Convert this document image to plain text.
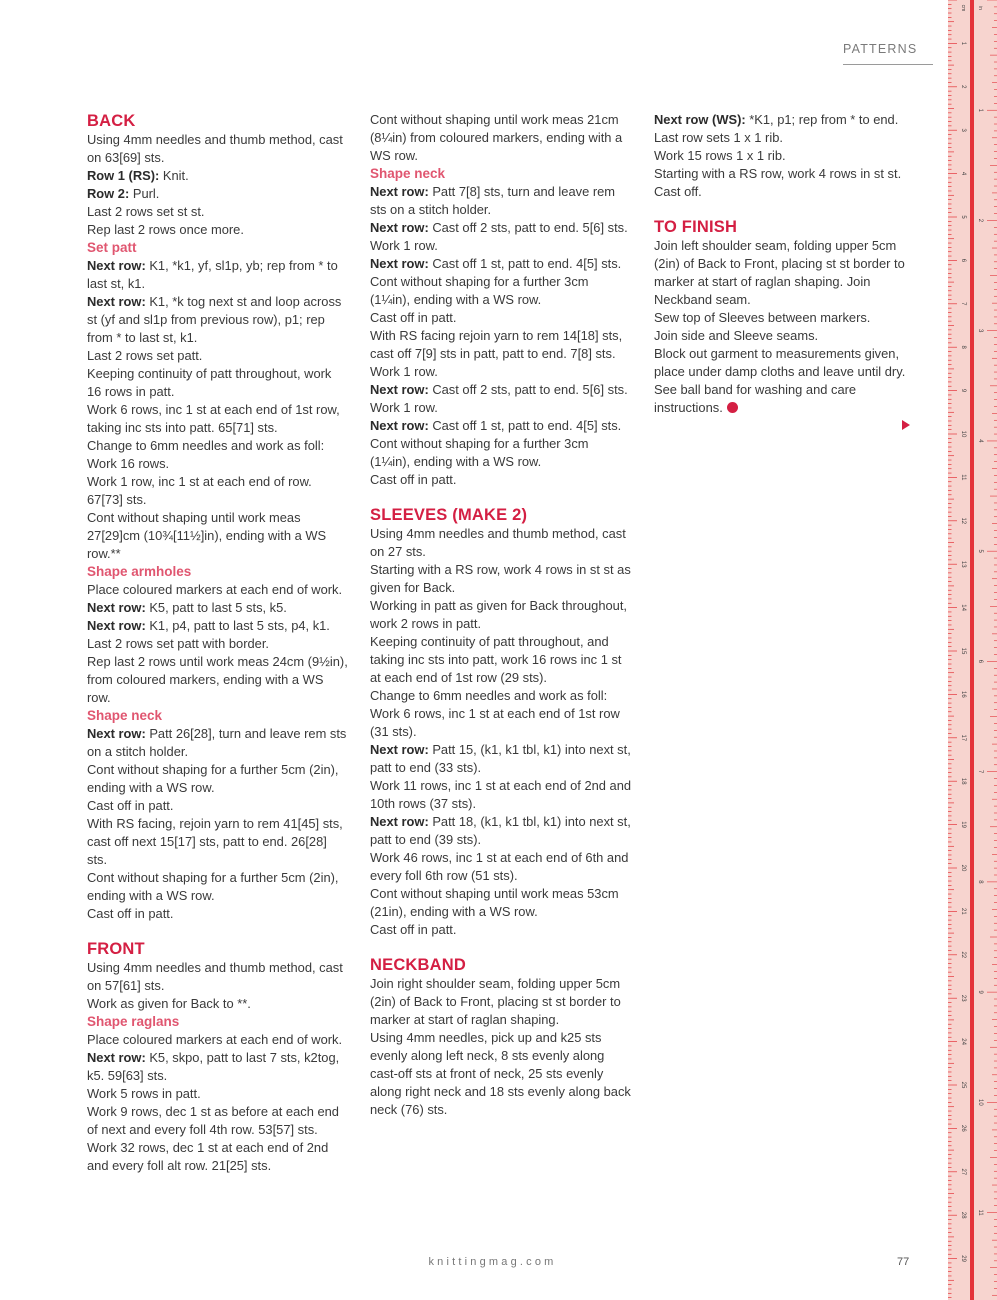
PATTERNS
BACK

Using 4mm needles and thumb method, cast on 63[69] sts.

Row 1 (RS): Knit.

Row 2: Purl.

Last 2 rows set st st.

Rep last 2 rows once more.

Set patt

Next row: K1, *k1, yf, sl1p, yb; rep from * to last st, k1.

Next row: K1, *k tog next st and loop across st (yf and sl1p from previous row), p1; rep from * to last st, k1.

Last 2 rows set patt.

Keeping continuity of patt throughout, work 16 rows in patt.

Work 6 rows, inc 1 st at each end of 1st row, taking inc sts into patt. 65[71] sts.

Change to 6mm needles and work as foll:

Work 16 rows.

Work 1 row, inc 1 st at each end of row. 67[73] sts.

Cont without shaping until work meas 27[29]cm (10¾[11½]in), ending with a WS row.**

Shape armholes

Place coloured markers at each end of work.

Next row: K5, patt to last 5 sts, k5.

Next row: K1, p4, patt to last 5 sts, p4, k1.

Last 2 rows set patt with border.

Rep last 2 rows until work meas 24cm (9½in), from coloured markers, ending with a WS row.

Shape neck

Next row: Patt 26[28], turn and leave rem sts on a stitch holder.

Cont without shaping for a further 5cm (2in), ending with a WS row.

Cast off in patt.

With RS facing, rejoin yarn to rem 41[45] sts, cast off next 15[17] sts, patt to end. 26[28] sts.

Cont without shaping for a further 5cm (2in), ending with a WS row.

Cast off in patt.

FRONT

Using 4mm needles and thumb method, cast on 57[61] sts.

Work as given for Back to **.

Shape raglans

Place coloured markers at each end of work.

Next row: K5, skpo, patt to last 7 sts, k2tog, k5. 59[63] sts.

Work 5 rows in patt.

Work 9 rows, dec 1 st as before at each end of next and every foll 4th row. 53[57] sts.

Work 32 rows, dec 1 st at each end of 2nd and every foll alt row. 21[25] sts.

Cont without shaping until work meas 21cm (8¼in) from coloured markers, ending with a WS row.

Shape neck

Next row: Patt 7[8] sts, turn and leave rem sts on a stitch holder.

Next row: Cast off 2 sts, patt to end. 5[6] sts.

Work 1 row.

Next row: Cast off 1 st, patt to end. 4[5] sts.

Cont without shaping for a further 3cm (1¼in), ending with a WS row.

Cast off in patt.

With RS facing rejoin yarn to rem 14[18] sts, cast off 7[9] sts in patt, patt to end. 7[8] sts.

Work 1 row.

Next row: Cast off 2 sts, patt to end. 5[6] sts.

Work 1 row.

Next row: Cast off 1 st, patt to end. 4[5] sts.

Cont without shaping for a further 3cm (1¼in), ending with a WS row.

Cast off in patt.

SLEEVES (MAKE 2)

Using 4mm needles and thumb method, cast on 27 sts.

Starting with a RS row, work 4 rows in st st as given for Back.

Working in patt as given for Back throughout, work 2 rows in patt.

Keeping continuity of patt throughout, and taking inc sts into patt, work 16 rows inc 1 st at each end of 1st row (29 sts).

Change to 6mm needles and work as foll:

Work 6 rows, inc 1 st at each end of 1st row (31 sts).

Next row: Patt 15, (k1, k1 tbl, k1) into next st, patt to end (33 sts).

Work 11 rows, inc 1 st at each end of 2nd and 10th rows (37 sts).

Next row: Patt 18, (k1, k1 tbl, k1) into next st, patt to end (39 sts).

Work 46 rows, inc 1 st at each end of 6th and every foll 6th row (51 sts).

Cont without shaping until work meas 53cm (21in), ending with a WS row.

Cast off in patt.

NECKBAND

Join right shoulder seam, folding upper 5cm (2in) of Back to Front, placing st st border to marker at start of raglan shaping.

Using 4mm needles, pick up and k25 sts evenly along left neck, 8 sts evenly along cast-off sts at front of neck, 25 sts evenly along right neck and 18 sts evenly along back neck (76) sts.

Next row (WS): *K1, p1; rep from * to end.

Last row sets 1 x 1 rib.

Work 15 rows 1 x 1 rib.

Starting with a RS row, work 4 rows in st st.

Cast off.

TO FINISH

Join left shoulder seam, folding upper 5cm (2in) of Back to Front, placing st st border to marker at start of raglan shaping. Join Neckband seam.

Sew top of Sleeves between markers.

Join side and Sleeve seams.

Block out garment to measurements given, place under damp cloths and leave until dry. See ball band for washing and care instructions.

knittingmag.com	77
1
2
3
4
5
6
7
8
9
10
11
12
13
14
15
16
17
18
19
20
21
22
23
24
25
26
27
28
29
1
2
3
4
5
6
7
8
9
10
11
cm in
